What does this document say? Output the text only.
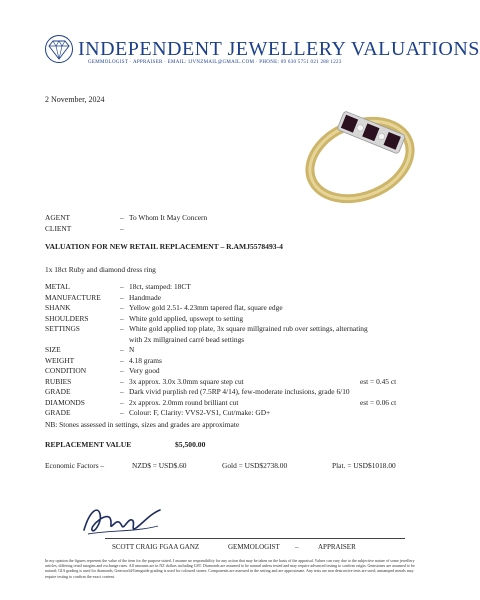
INDEPENDENT JEWELLERY VALUATIONS
GEMMOLOGIST · APPRAISER · EMAIL: IJVNZMAIL@GMAIL.COM · PHONE: 09 630 5751 021 288 1223
2 November, 2024
AGENT	– To Whom It May Concern
CLIENT	–
VALUATION FOR NEW RETAIL REPLACEMENT – R.AMJ5578493-4
1x 18ct Ruby and diamond dress ring
METAL	– 18ct, stamped: 18CT
MANUFACTURE	– Handmade
SHANK	– Yellow gold 2.51- 4.23mm tapered flat, square edge
SHOULDERS	– White gold applied, upswept to setting
SETTINGS	– White gold applied top plate, 3x square millgrained rub over settings, alternating
with 2x millgrained carré bead settings
SIZE	– N
WEIGHT	– 4.18 grams
CONDITION	– Very good
RUBIES	– 3x approx. 3.0x 3.0mm square step cut	est = 0.45 ct
GRADE	– Dark vivid purplish red (7.5RP 4/14), few-moderate inclusions, grade 6/10
DIAMONDS	– 2x approx. 2.0mm round brilliant cut	est = 0.06 ct
GRADE	– Colour: F, Clarity: VVS2-VS1, Cut/make: GD+
NB: Stones assessed in settings, sizes and grades are approximate
REPLACEMENT VALUE	$5,500.00
Economic Factors –	NZD$ = USD$.60	Gold = USD$2738.00	Plat. = USD$1018.00
SCOTT CRAIG FGAA GANZ	GEMMOLOGIST –	APPRAISER
In my opinion the figures represent the value of the item for the purpose stated. I assume no responsibility for any action that may be taken on the basis of the appraisal. Values can vary due to the subjective nature of some jewellery articles, differing retail margins and exchange rates. All amounts are in NZ dollars including GST. Diamonds are assumed to be natural unless tested and may require advanced testing to confirm origin. Gemstones are assumed to be natural; GIA grading is used for diamonds, Gemworld/Gemguide grading is used for coloured stones. Components are assessed in the setting and are approximate. Any tests are non destructive tests are used; unstamped metals may require testing to confirm the exact content.
